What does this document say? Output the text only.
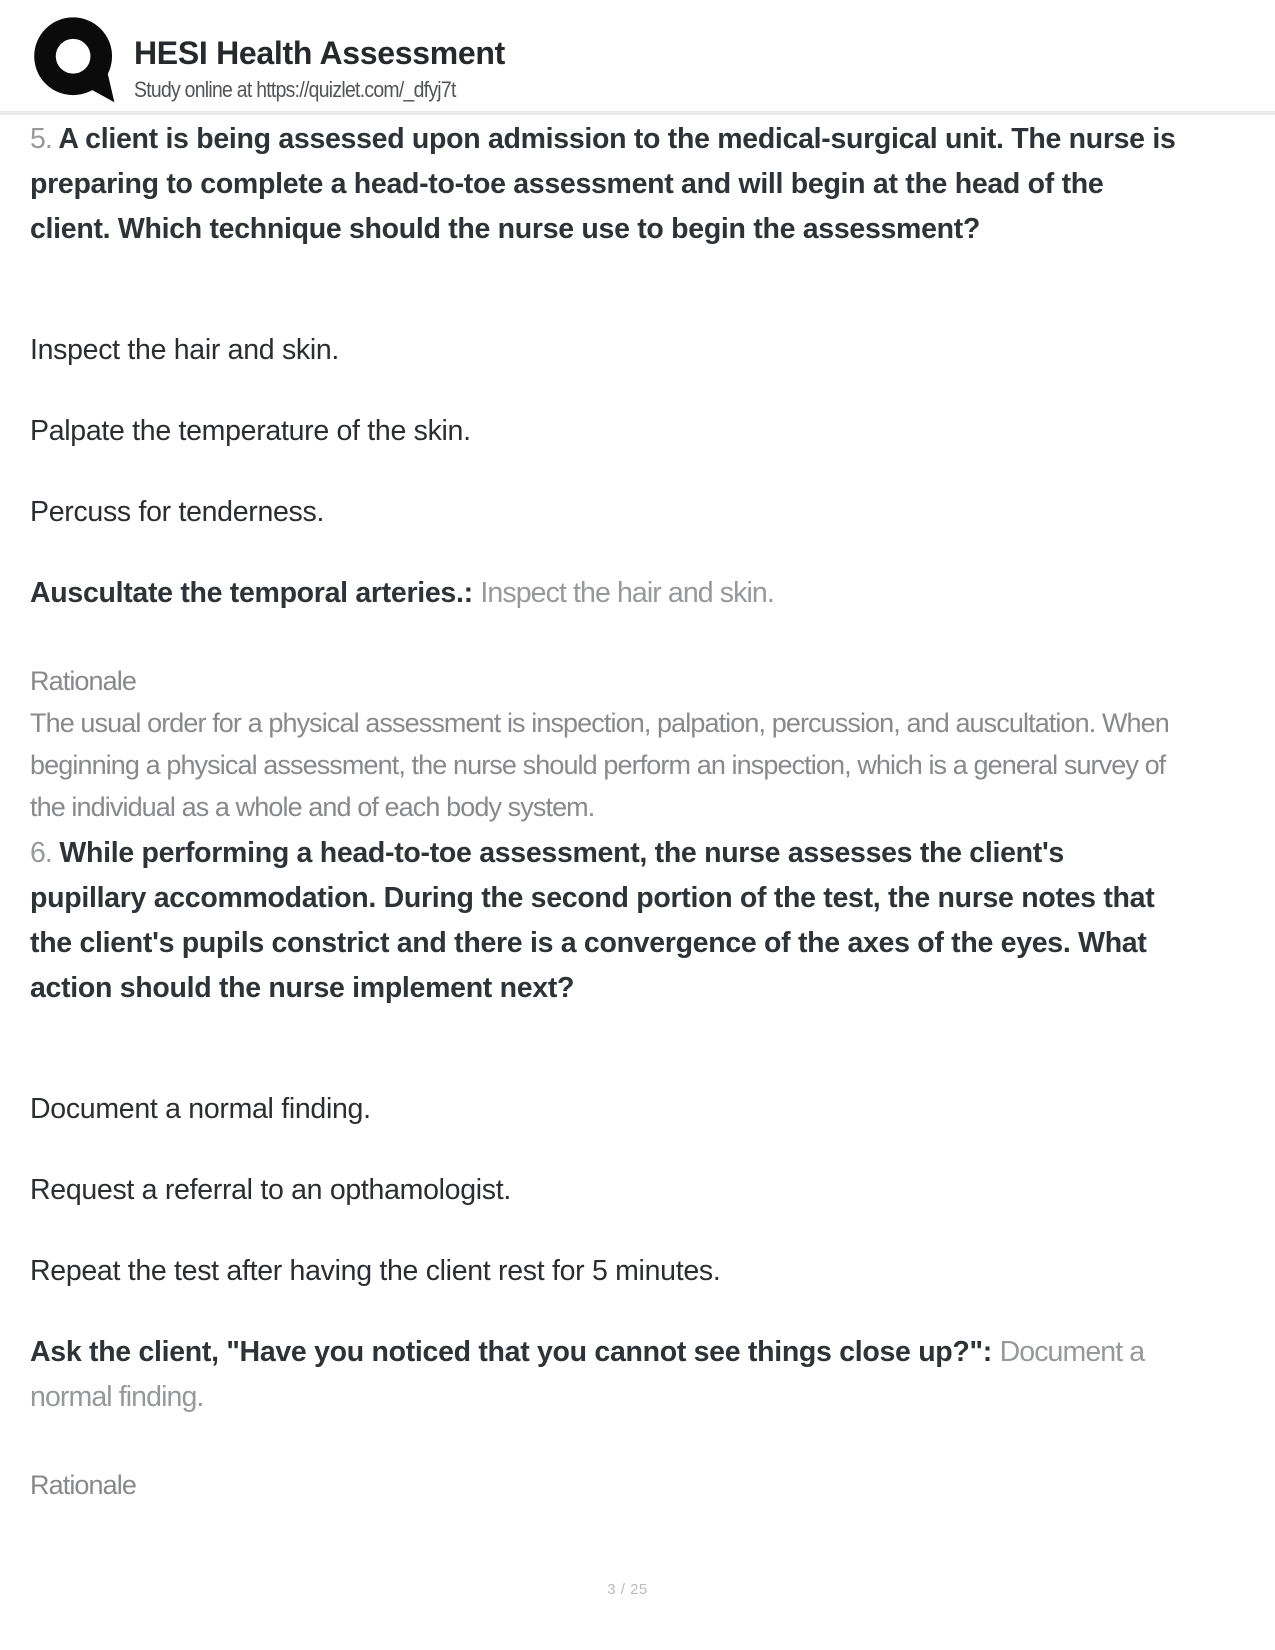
HESI Health Assessment
Study online at https://quizlet.com/_dfyj7t

5. A client is being assessed upon admission to the medical-surgical unit. The nurse is preparing to complete a head-to-toe assessment and will begin at the head of the client. Which technique should the nurse use to begin the assessment?

Inspect the hair and skin.

Palpate the temperature of the skin.

Percuss for tenderness.

Auscultate the temporal arteries.: Inspect the hair and skin.

Rationale
The usual order for a physical assessment is inspection, palpation, percussion, and auscultation. When beginning a physical assessment, the nurse should perform an inspection, which is a general survey of the individual as a whole and of each body system.

6. While performing a head-to-toe assessment, the nurse assesses the client's pupillary accommodation. During the second portion of the test, the nurse notes that the client's pupils constrict and there is a convergence of the axes of the eyes. What action should the nurse implement next?

Document a normal finding.

Request a referral to an opthamologist.

Repeat the test after having the client rest for 5 minutes.

Ask the client, "Have you noticed that you cannot see things close up?": Document a normal finding.

Rationale
3 / 25
